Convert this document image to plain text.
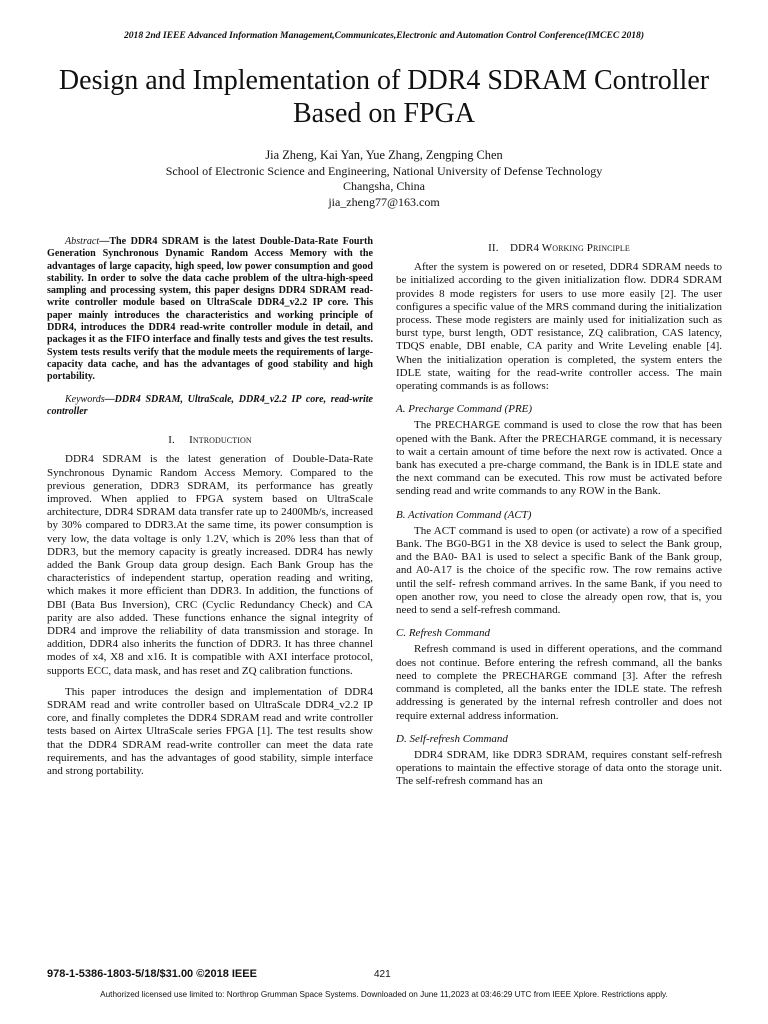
2018 2nd IEEE Advanced Information Management,Communicates,Electronic and Automation Control Conference(IMCEC 2018)
Design and Implementation of DDR4 SDRAM Controller Based on FPGA
Jia Zheng, Kai Yan, Yue Zhang, Zengping Chen
School of Electronic Science and Engineering, National University of Defense Technology
Changsha, China
jia_zheng77@163.com

Abstract—The DDR4 SDRAM is the latest Double-Data-Rate Fourth Generation Synchronous Dynamic Random Access Memory with the advantages of large capacity, high speed, low power consumption and good stability. In order to solve the data cache problem of the ultra-high-speed sampling and processing system, this paper designs DDR4 SDRAM read-write controller module based on UltraScale DDR4_v2.2 IP core. This paper mainly introduces the characteristics and working principle of DDR4, introduces the DDR4 read-write controller module in detail, and packages it as the FIFO interface and finally tests and gives the test results. System tests results verify that the module meets the requirements of large-capacity data cache, and has the advantages of good stability and high portability.

Keywords—DDR4 SDRAM, UltraScale, DDR4_v2.2 IP core, read-write controller

I. Introduction

DDR4 SDRAM is the latest generation of Double-Data-Rate Synchronous Dynamic Random Access Memory. Compared to the previous generation, DDR3 SDRAM, its performance has greatly improved. When applied to FPGA system based on UltraScale architecture, DDR4 SDRAM data transfer rate up to 2400Mb/s, increased by 30% compared to DDR3.At the same time, its power consumption is very low, the data voltage is only 1.2V, which is 20% less than that of DDR3, but the memory capacity is greatly increased. DDR4 has newly added the Bank Group data group design. Each Bank Group has the characteristics of independent startup, operation reading and writing, which makes it more efficient than DDR3. In addition, the functions of DBI (Bata Bus Inversion), CRC (Cyclic Redundancy Check) and CA parity are also added. These functions enhance the signal integrity of DDR4 and improve the reliability of data transmission and storage. In addition, DDR4 also inherits the function of DDR3. It has three channel modes of x4, X8 and x16. It is compatible with AXI interface protocol, supports ECC, data mask, and has reset and ZQ calibration functions.

This paper introduces the design and implementation of DDR4 SDRAM read and write controller based on UltraScale DDR4_v2.2 IP core, and finally completes the DDR4 SDRAM read and write controller tests based on Airtex UltraScale series FPGA [1]. The test results show that the DDR4 SDRAM read-write controller can meet the data rate requirements, and has the advantages of good stability, simple interface and strong portability.

II. DDR4 Working Principle

After the system is powered on or reseted, DDR4 SDRAM needs to be initialized according to the given initialization flow. DDR4 SDRAM provides 8 mode registers for users to use more easily [2]. The user configures a specific value of the MRS command during the initialization process. These mode registers are mainly used for initialization such as burst type, burst length, ODT resistance, ZQ calibration, CAS latency, TDQS enable, DBI enable, CA parity and Write Leveling enable [4]. When the initialization operation is completed, the system enters the IDLE state, waiting for the read-write controller access. The main operating commands is as follows:

A. Precharge Command (PRE)

The PRECHARGE command is used to close the row that has been opened with the Bank. After the PRECHARGE command, it is necessary to wait a certain amount of time before the next row is activated. Once a bank has executed a pre-charge command, the Bank is in IDLE state and the next command can be executed. This row must be activated before sending read and write commands to any ROW in the Bank.

B. Activation Command (ACT)

The ACT command is used to open (or activate) a row of a specified Bank. The BG0-BG1 in the X8 device is used to select the Bank group, and the BA0- BA1 is used to select a specific Bank of the Bank group, and A0-A17 is the choice of the specific row. The row remains active until the self- refresh command arrives. In the same Bank, if you need to open another row, you need to close the already open row, that is, you need to send a self-refresh command.

C. Refresh Command

Refresh command is used in different operations, and the command does not continue. Before entering the refresh command, all the banks need to complete the PRECHARGE command [3]. After the refresh command is completed, all the banks enter the IDLE state. The refresh addressing is generated by the internal refresh controller and does not require external address information.

D. Self-refresh Command

DDR4 SDRAM, like DDR3 SDRAM, requires constant self-refresh operations to maintain the effective storage of data onto the storage unit. The self-refresh command has an

978-1-5386-1803-5/18/$31.00 ©2018 IEEE	421
Authorized licensed use limited to: Northrop Grumman Space Systems. Downloaded on June 11,2023 at 03:46:29 UTC from IEEE Xplore. Restrictions apply.
